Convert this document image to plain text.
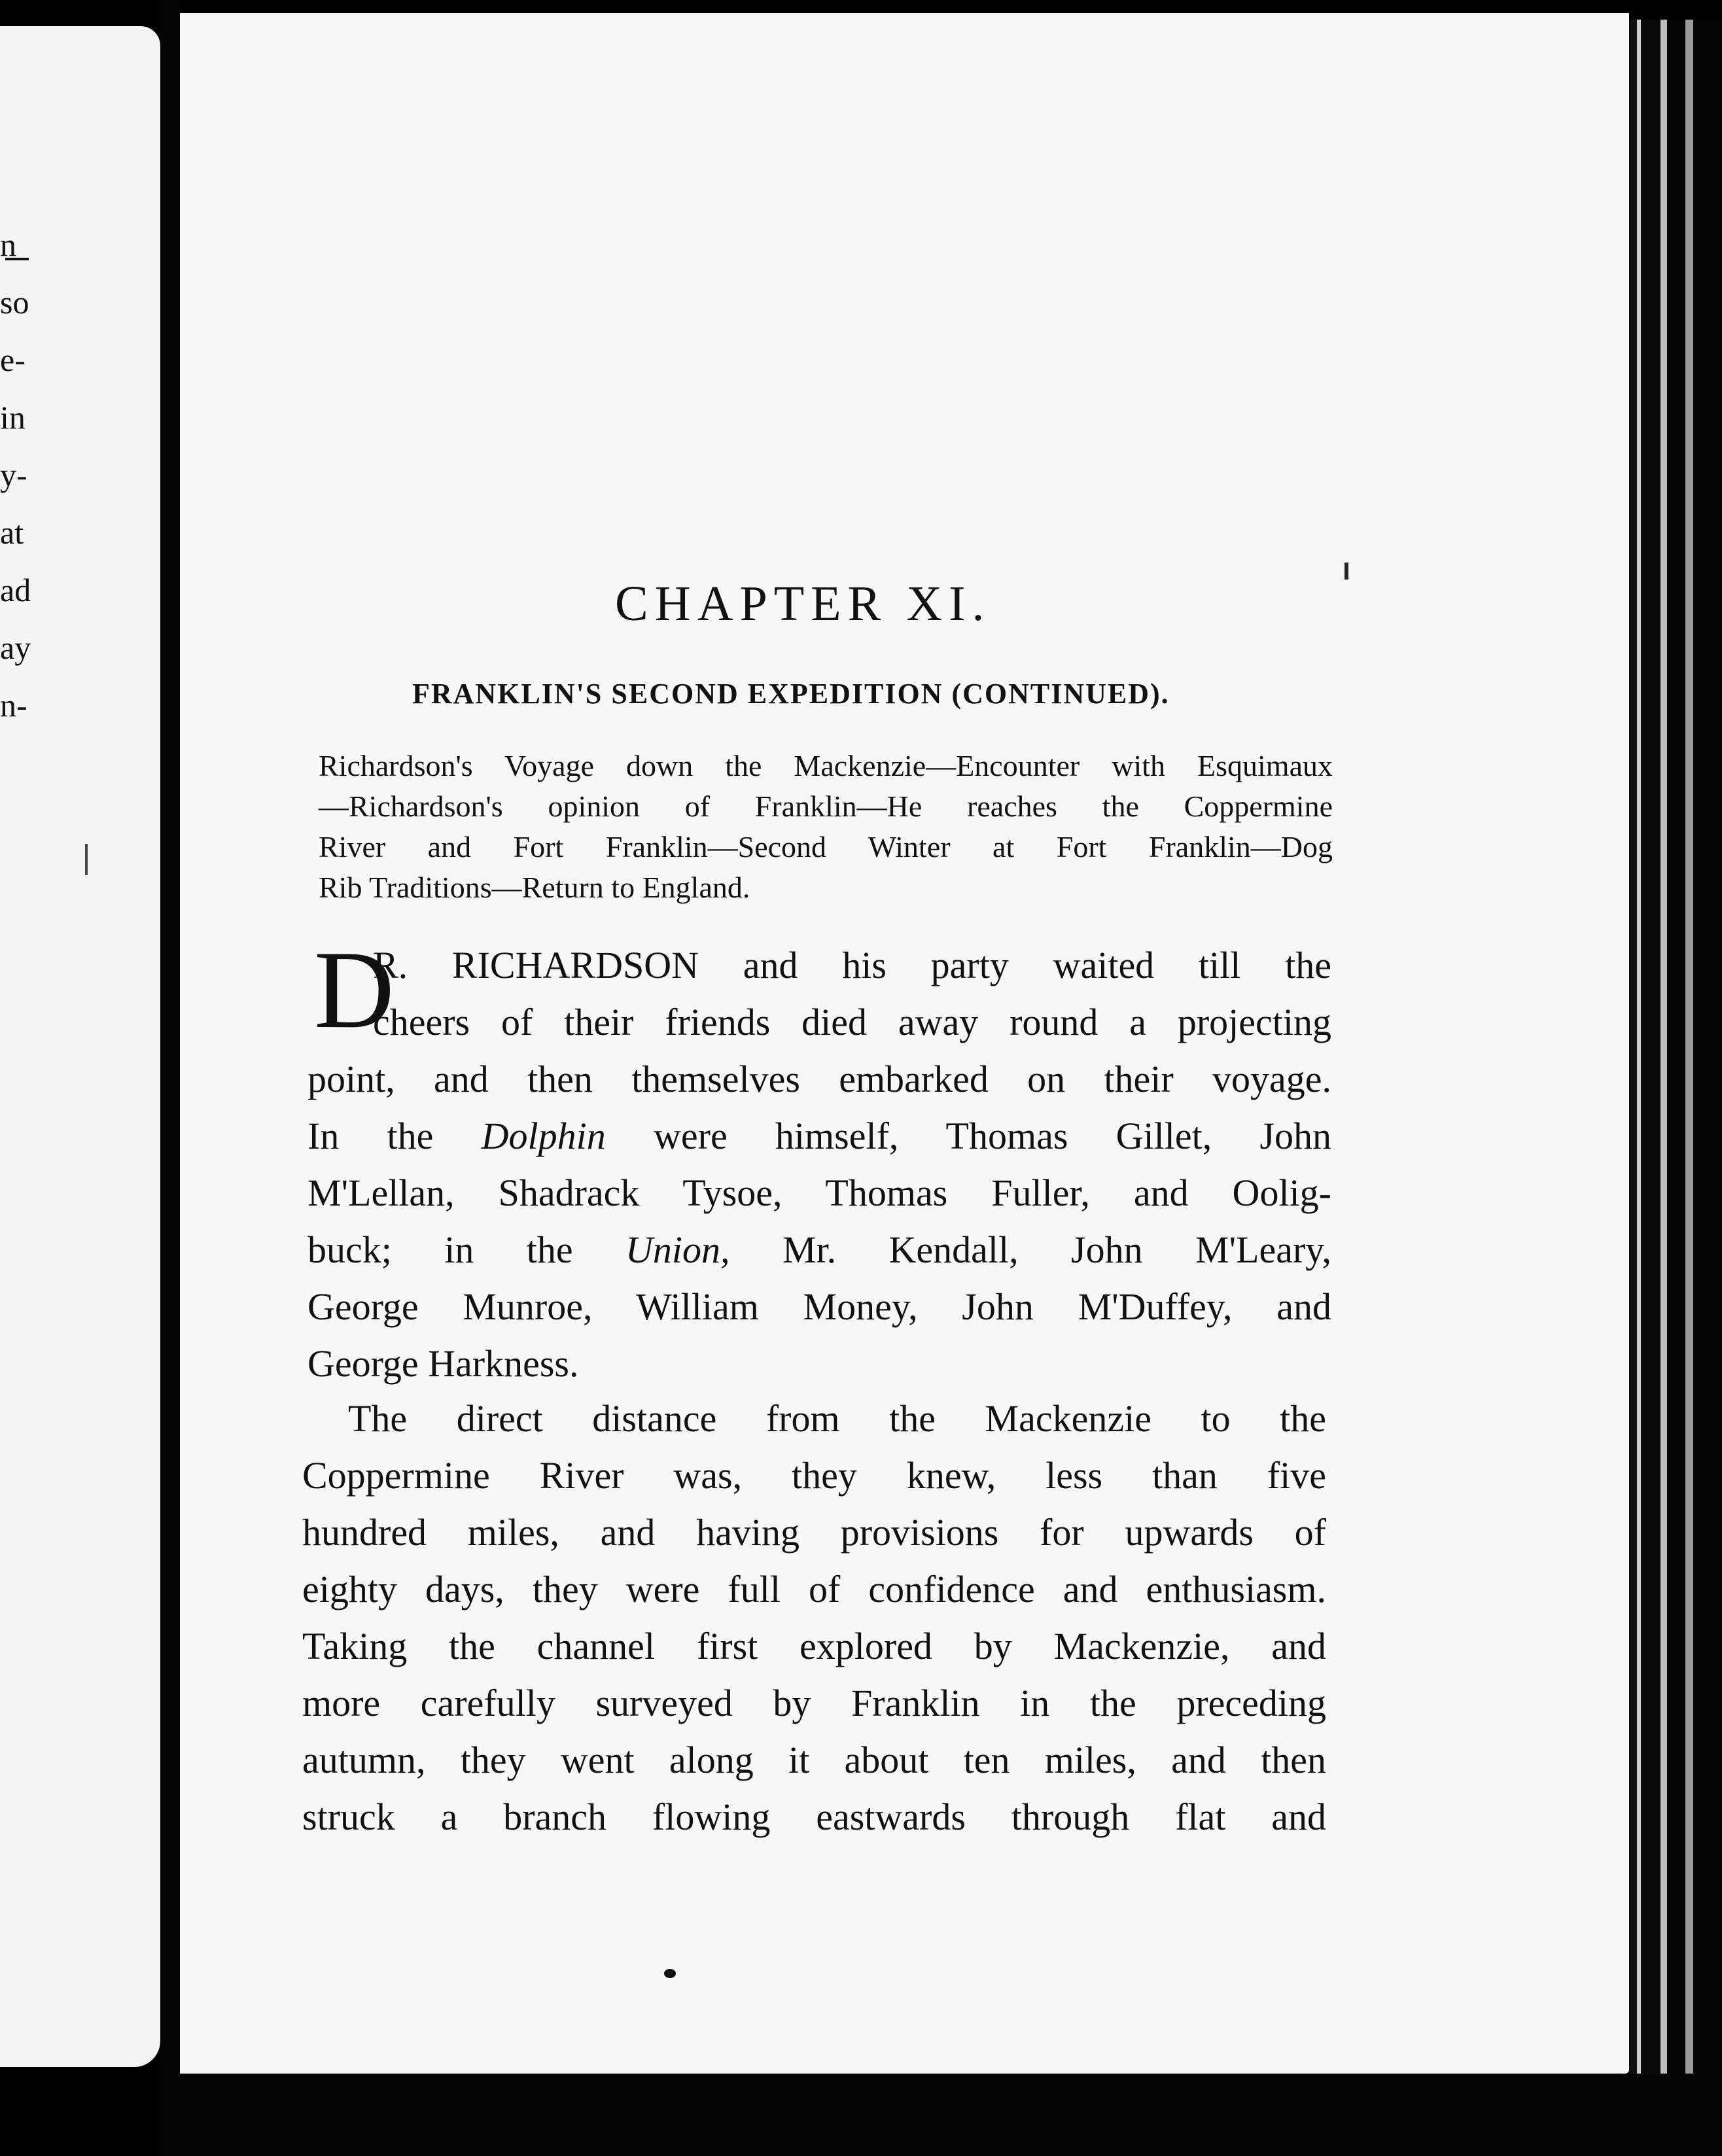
n
so
e-
in
y-
at
ad
ay
n-
CHAPTER XI.
FRANKLIN'S SECOND EXPEDITION (CONTINUED).
Richardson's Voyage down the Mackenzie—Encounter with Esquimaux
—Richardson's opinion of Franklin—He reaches the Coppermine
River and Fort Franklin—Second Winter at Fort Franklin—Dog
Rib Traditions—Return to England.
D
R. RICHARDSON and his party waited till the
cheers of their friends died away round a projecting
point, and then themselves embarked on their voyage.
In the Dolphin were himself, Thomas Gillet, John
M'Lellan, Shadrack Tysoe, Thomas Fuller, and Oolig-
buck; in the Union, Mr. Kendall, John M'Leary,
George Munroe, William Money, John M'Duffey, and
George Harkness.
The direct distance from the Mackenzie to the
Coppermine River was, they knew, less than five
hundred miles, and having provisions for upwards of
eighty days, they were full of confidence and enthusiasm.
Taking the channel first explored by Mackenzie, and
more carefully surveyed by Franklin in the preceding
autumn, they went along it about ten miles, and then
struck a branch flowing eastwards through flat and
